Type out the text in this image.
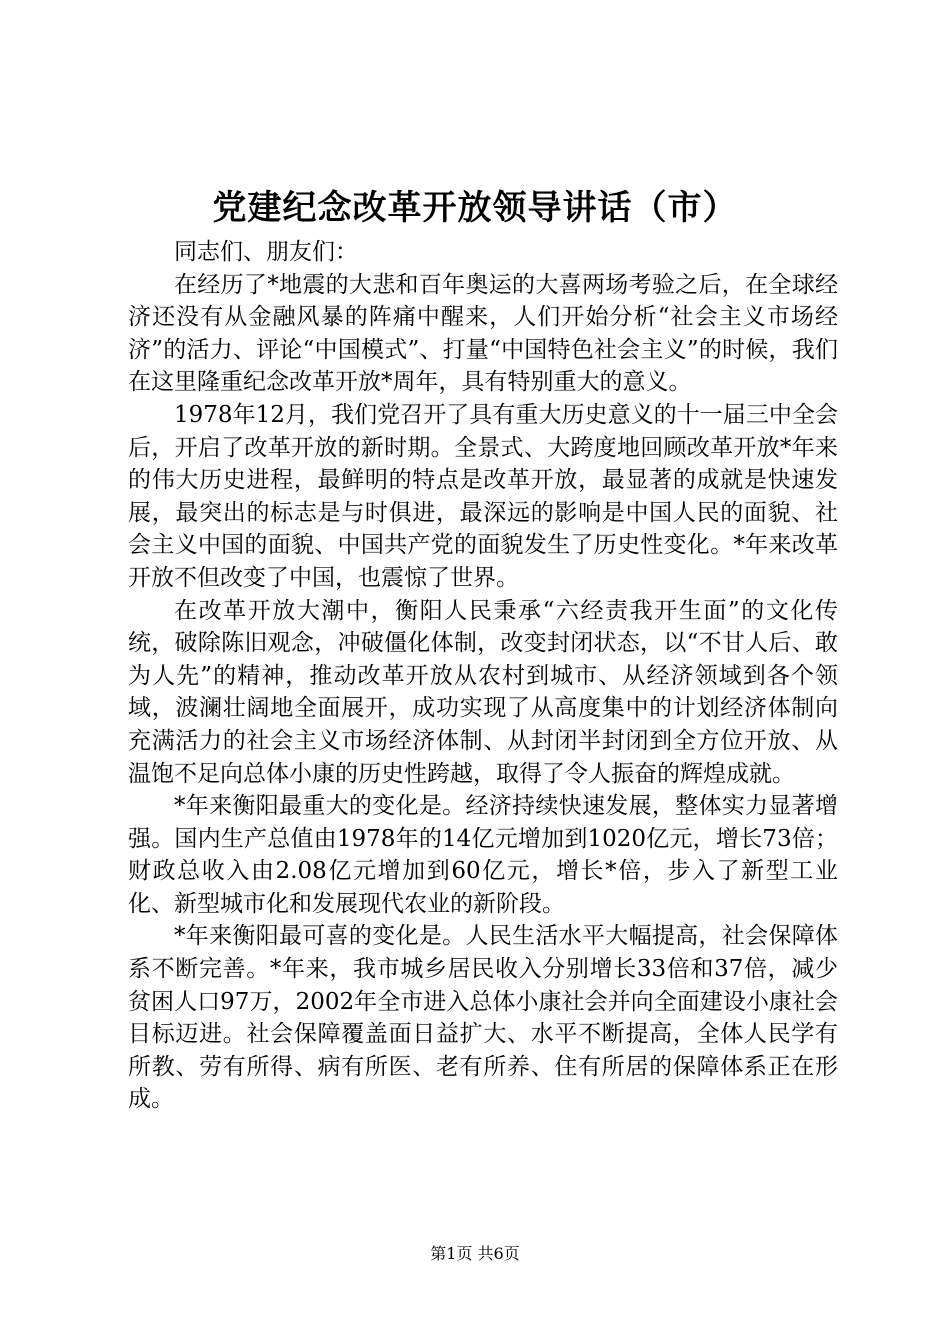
党建纪念改革开放领导讲话（市）

同志们、朋友们：

在经历了*地震的大悲和百年奥运的大喜两场考验之后，在全球经济还没有从金融风暴的阵痛中醒来，人们开始分析“社会主义市场经济”的活力、评论“中国模式”、打量“中国特色社会主义”的时候，我们在这里隆重纪念改革开放*周年，具有特别重大的意义。

1978年12月，我们党召开了具有重大历史意义的十一届三中全会后，开启了改革开放的新时期。全景式、大跨度地回顾改革开放*年来的伟大历史进程，最鲜明的特点是改革开放，最显著的成就是快速发展，最突出的标志是与时俱进，最深远的影响是中国人民的面貌、社会主义中国的面貌、中国共产党的面貌发生了历史性变化。*年来改革开放不但改变了中国，也震惊了世界。

在改革开放大潮中，衡阳人民秉承“六经责我开生面”的文化传统，破除陈旧观念，冲破僵化体制，改变封闭状态，以“不甘人后、敢为人先”的精神，推动改革开放从农村到城市、从经济领域到各个领域，波澜壮阔地全面展开，成功实现了从高度集中的计划经济体制向充满活力的社会主义市场经济体制、从封闭半封闭到全方位开放、从温饱不足向总体小康的历史性跨越，取得了令人振奋的辉煌成就。

*年来衡阳最重大的变化是。经济持续快速发展，整体实力显著增强。国内生产总值由1978年的14亿元增加到1020亿元，增长73倍；财政总收入由2.08亿元增加到60亿元，增长*倍，步入了新型工业化、新型城市化和发展现代农业的新阶段。

*年来衡阳最可喜的变化是。人民生活水平大幅提高，社会保障体系不断完善。*年来，我市城乡居民收入分别增长33倍和37倍，减少贫困人口97万，2002年全市进入总体小康社会并向全面建设小康社会目标迈进。社会保障覆盖面日益扩大、水平不断提高，全体人民学有所教、劳有所得、病有所医、老有所养、住有所居的保障体系正在形成。

第1页 共6页
